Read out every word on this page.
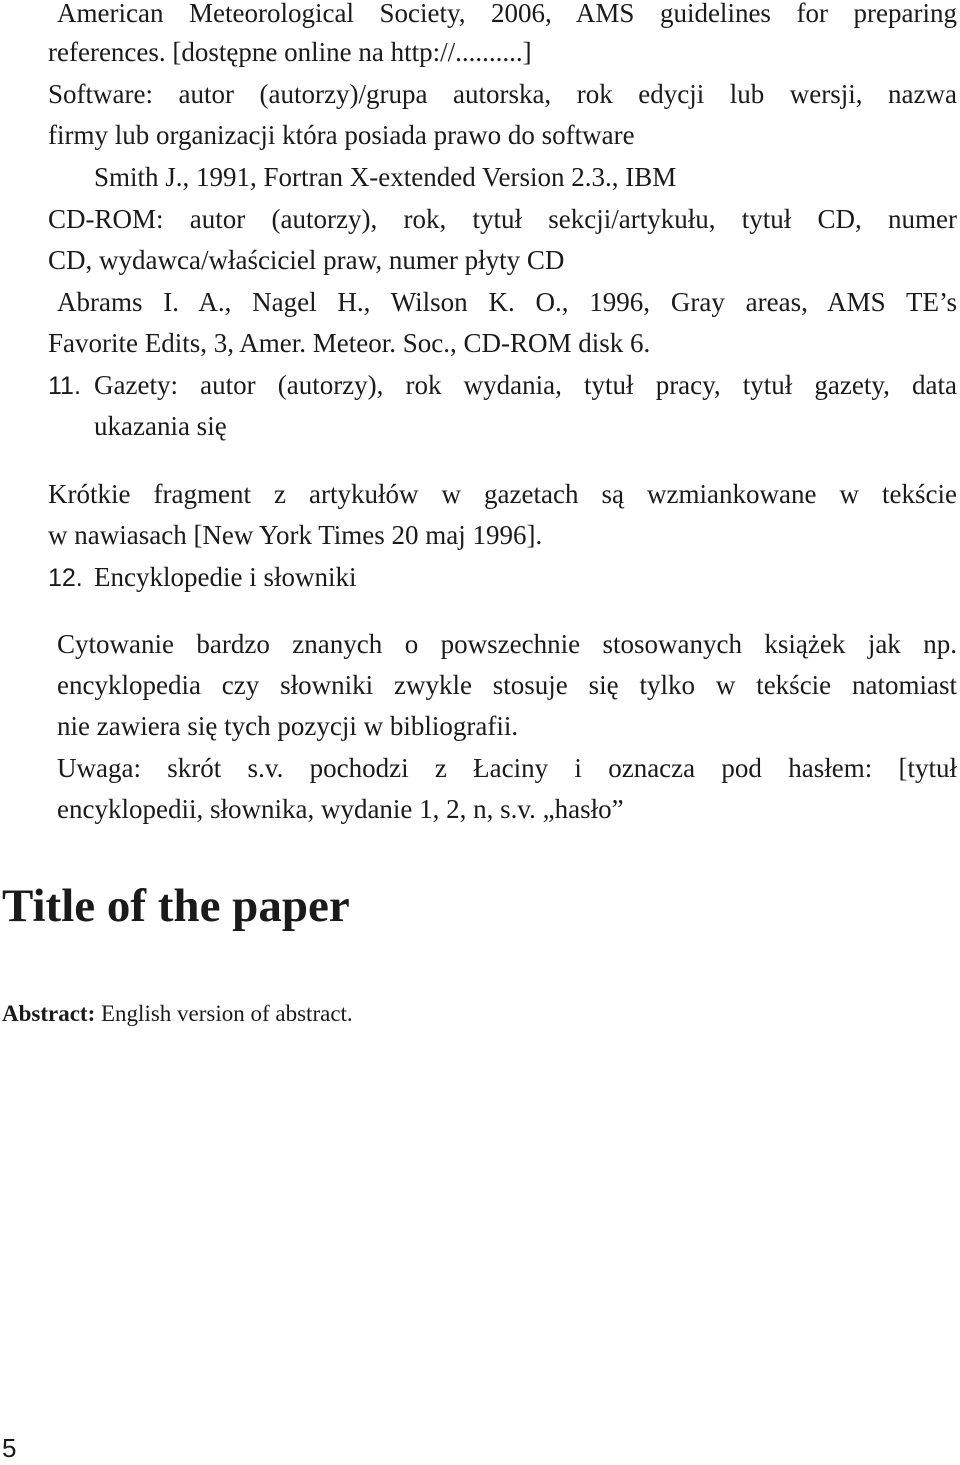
American Meteorological Society, 2006, AMS guidelines for preparing

references. [dostępne online na http://..........]

Software: autor (autorzy)/grupa autorska, rok edycji lub wersji, nazwa

firmy lub organizacji która posiada prawo do software

Smith J., 1991, Fortran X-extended Version 2.3., IBM

CD-ROM: autor (autorzy), rok, tytuł sekcji/artykułu, tytuł CD, numer

CD, wydawca/właściciel praw, numer płyty CD

Abrams I. A., Nagel H., Wilson K. O., 1996, Gray areas, AMS TE’s

Favorite Edits, 3, Amer. Meteor. Soc., CD-ROM disk 6.

11. Gazety: autor (autorzy), rok wydania, tytuł pracy, tytuł gazety, data

ukazania się

Krótkie fragment z artykułów w gazetach są wzmiankowane w tekście

w nawiasach [New York Times 20 maj 1996].

12. Encyklopedie i słowniki

Cytowanie bardzo znanych o powszechnie stosowanych książek jak np.

encyklopedia czy słowniki zwykle stosuje się tylko w tekście natomiast

nie zawiera się tych pozycji w bibliografii.

Uwaga: skrót s.v. pochodzi z Łaciny i oznacza pod hasłem: [tytuł

encyklopedii, słownika, wydanie 1, 2, n, s.v. „hasło”

Title of the paper

Abstract: English version of abstract.

5
